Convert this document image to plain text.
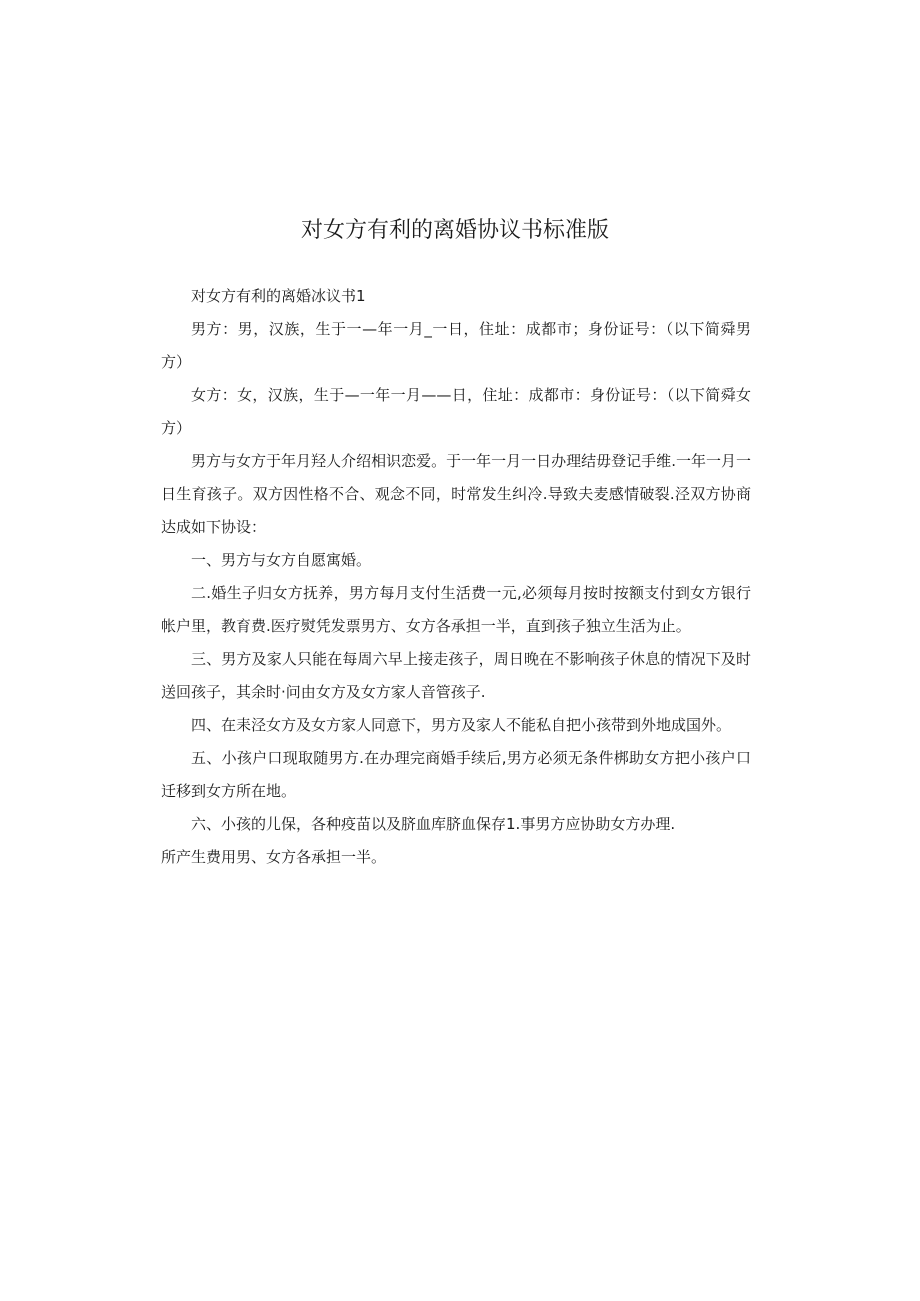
对女方有利的离婚协议书标准版

对女方有利的离婚冰议书1

男方：男，汉族，生于一—年一月_一日，住址：成都市；身份证号：（以下简舜男方）

女方：女，汉族，生于—一年一月——日，住址：成都市：身份证号：（以下简舜女方）

男方与女方于年月羟人介绍相识恋爱。于一年一月一日办理结毋登记手维.一年一月一日生育孩子。双方因性格不合、观念不同，时常发生纠冷.导致夫麦感情破裂.泾双方协商达成如下协设：

一、男方与女方自愿寓婚。

二.婚生子归女方抚养，男方每月支付生活费一元,必须每月按时按额支付到女方银行帐户里，教育费.医疗熨凭发票男方、女方各承担一半，直到孩子独立生活为止。

三、男方及家人只能在每周六早上接走孩子，周日晚在不影响孩子休息的情况下及时送回孩子，其余时·问由女方及女方家人音管孩子.

四、在耒泾女方及女方家人同意下，男方及家人不能私自把小孩带到外地成国外。

五、小孩户口现取随男方.在办理完商婚手续后,男方必须无条件梆助女方把小孩户口迁移到女方所在地。

六、小孩的儿保，各种疫苗以及脐血库脐血保存1.事男方应协助女方办理.

所产生费用男、女方各承担一半。
